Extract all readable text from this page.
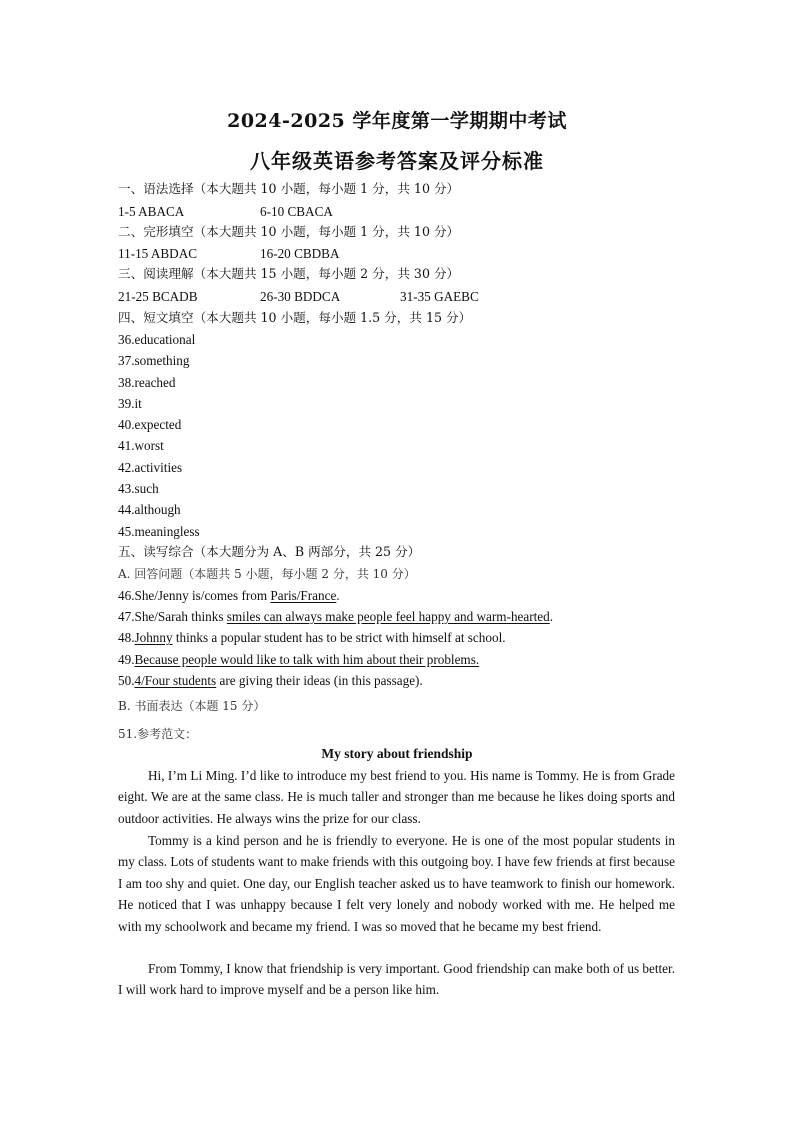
2024-2025 学年度第一学期期中考试
八年级英语参考答案及评分标准
一、语法选择（本大题共 10 小题，每小题 1 分，共 10 分）
1-5 ABACA	6-10 CBACA
二、完形填空（本大题共 10 小题，每小题 1 分，共 10 分）
11-15 ABDAC	16-20 CBDBA
三、阅读理解（本大题共 15 小题，每小题 2 分，共 30 分）
21-25 BCADB	26-30 BDDCA	31-35 GAEBC
四、短文填空（本大题共 10 小题，每小题 1.5 分，共 15 分）
36.educational
37.something
38.reached
39.it
40.expected
41.worst
42.activities
43.such
44.although
45.meaningless
五、读写综合（本大题分为 A、B 两部分，共 25 分）
A. 回答问题（本题共 5 小题，每小题 2 分，共 10 分）
46.She/Jenny is/comes from Paris/France.
47.She/Sarah thinks smiles can always make people feel happy and warm-hearted.
48.Johnny thinks a popular student has to be strict with himself at school.
49.Because people would like to talk with him about their problems.
50.4/Four students are giving their ideas (in this passage).
B. 书面表达（本题 15 分）
51.参考范文：
My story about friendship

Hi, I’m Li Ming. I’d like to introduce my best friend to you. His name is Tommy. He is from Grade eight. We are at the same class. He is much taller and stronger than me because he likes doing sports and outdoor activities. He always wins the prize for our class.

Tommy is a kind person and he is friendly to everyone. He is one of the most popular students in my class. Lots of students want to make friends with this outgoing boy. I have few friends at first because I am too shy and quiet. One day, our English teacher asked us to have teamwork to finish our homework. He noticed that I was unhappy because I felt very lonely and nobody worked with me. He helped me with my schoolwork and became my friend. I was so moved that he became my best friend.

From Tommy, I know that friendship is very important. Good friendship can make both of us better. I will work hard to improve myself and be a person like him.
